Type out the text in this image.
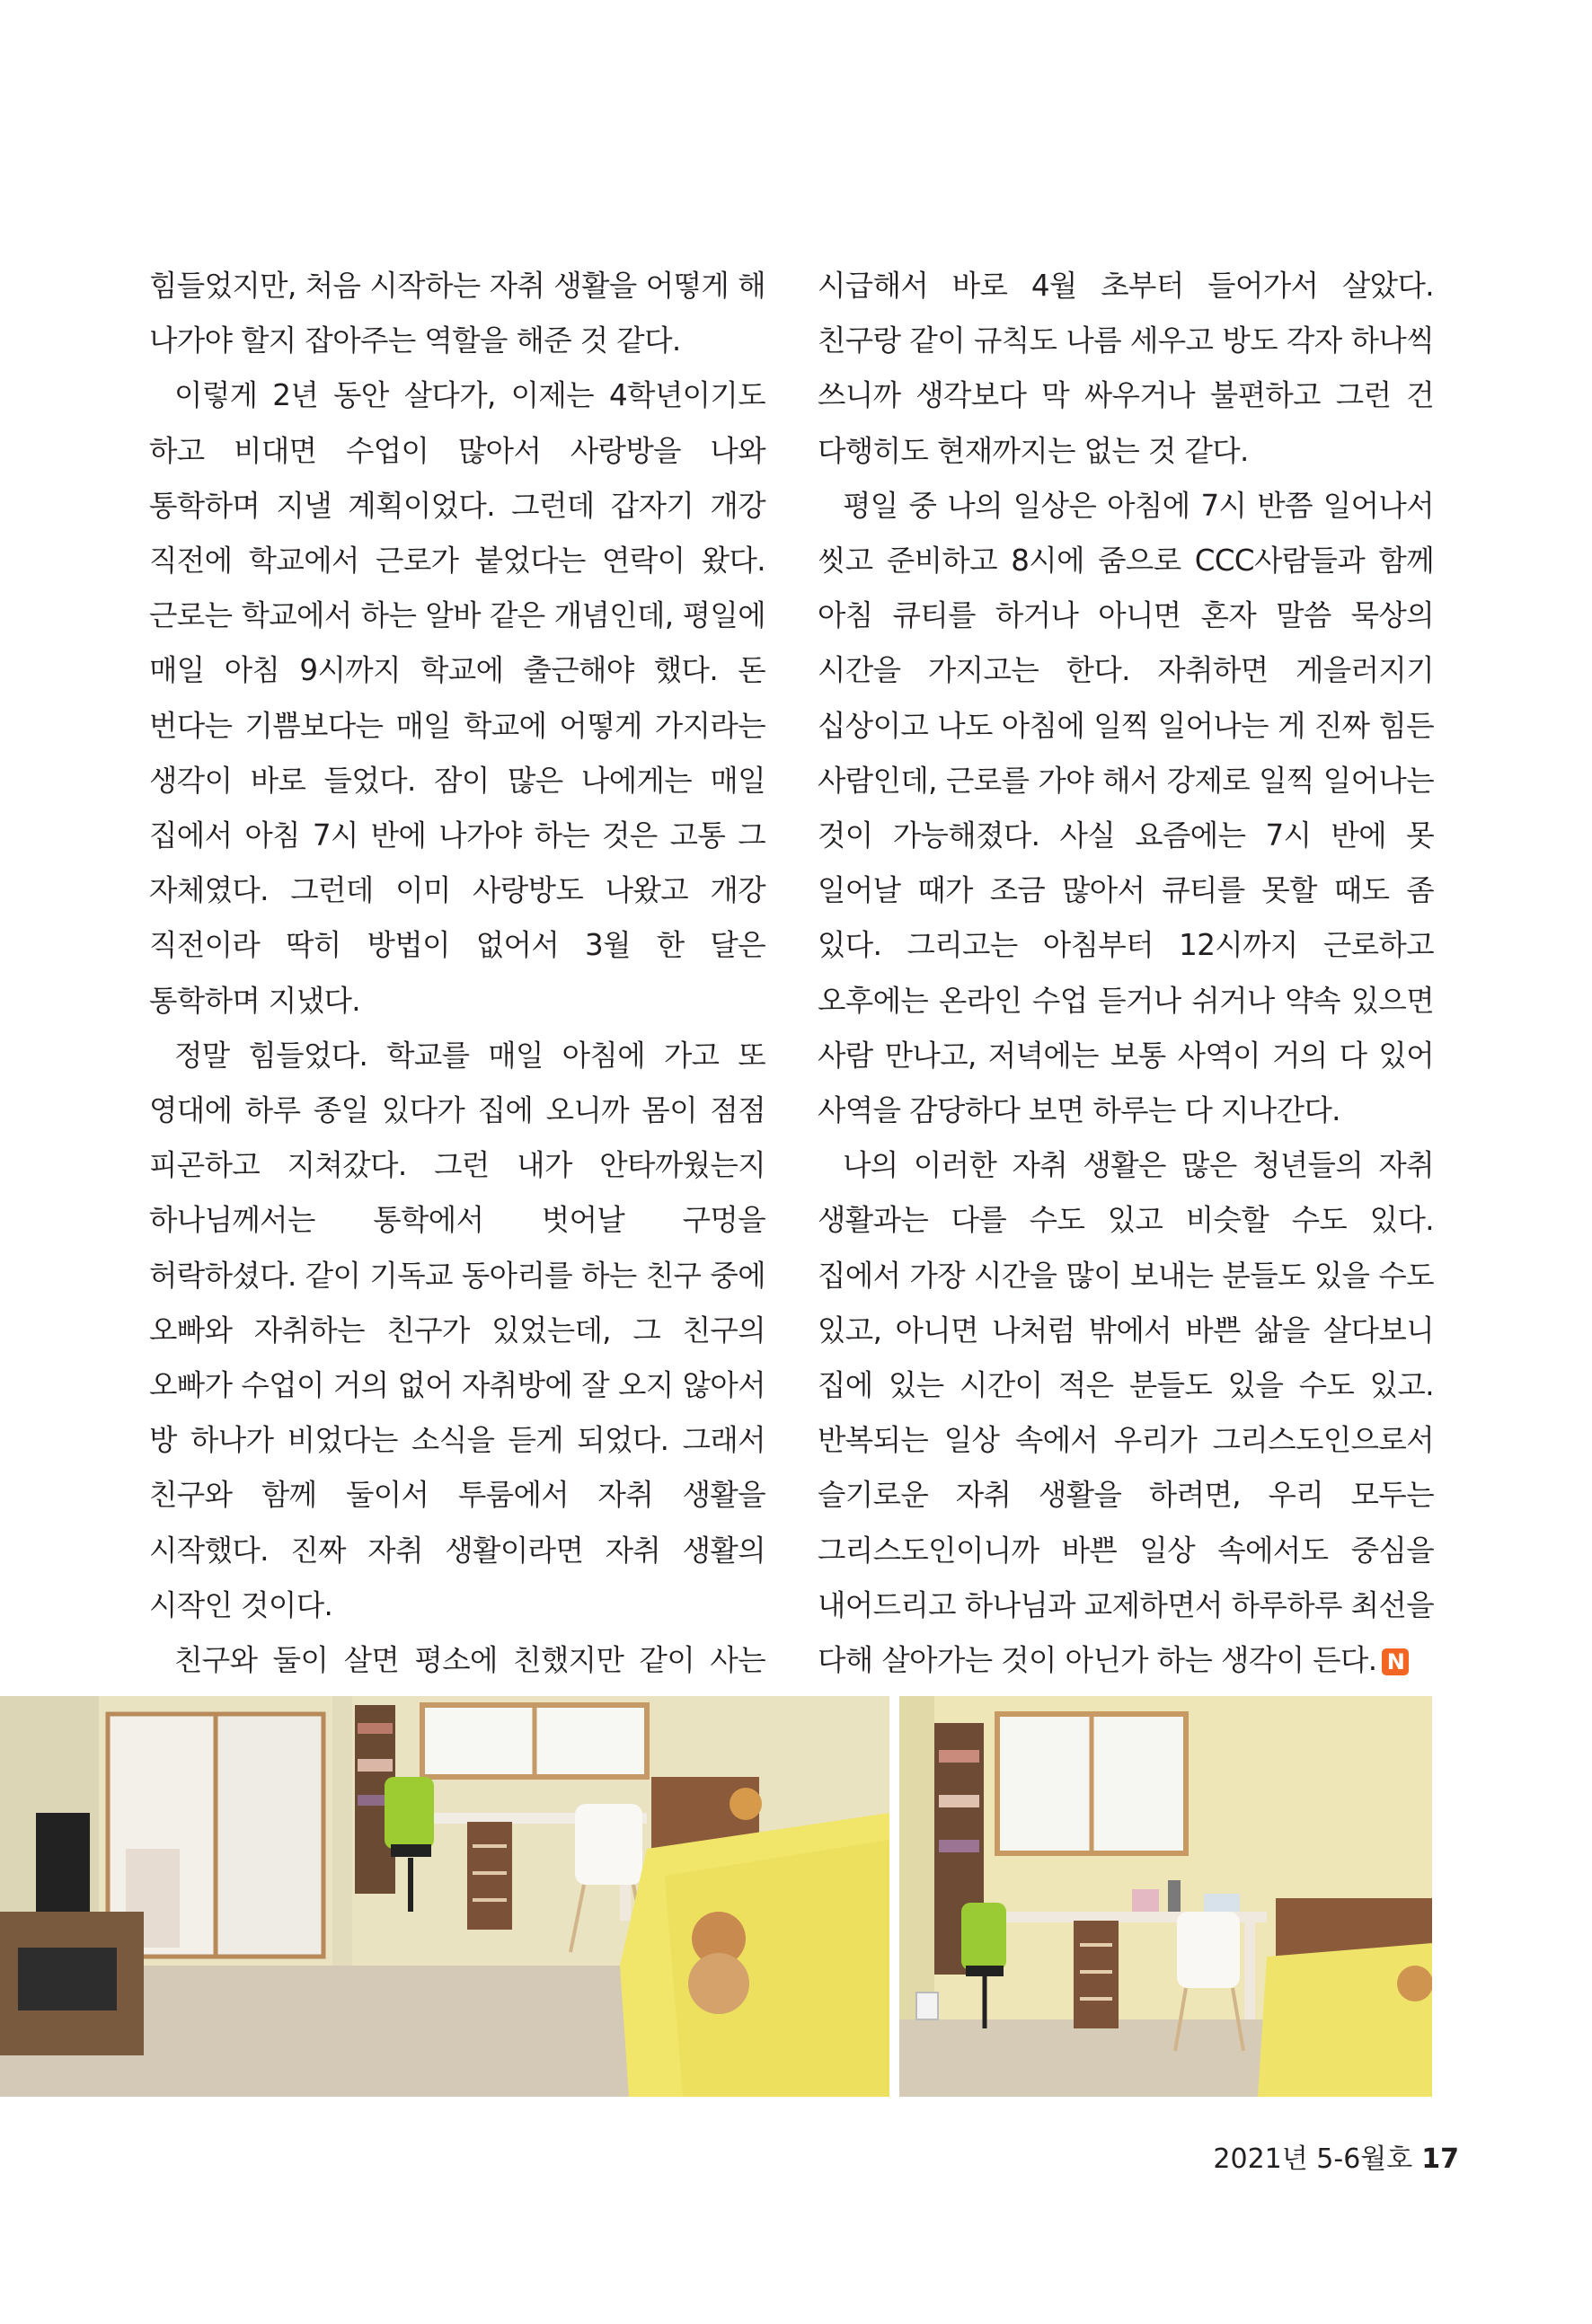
힘들었지만, 처음 시작하는 자취 생활을 어떻게 해 나가야 할지 잡아주는 역할을 해준 것 같다.

이렇게 2년 동안 살다가, 이제는 4학년이기도 하고 비대면 수업이 많아서 사랑방을 나와 통학하며 지낼 계획이었다. 그런데 갑자기 개강 직전에 학교에서 근로가 붙었다는 연락이 왔다. 근로는 학교에서 하는 알바 같은 개념인데, 평일에 매일 아침 9시까지 학교에 출근해야 했다. 돈 번다는 기쁨보다는 매일 학교에 어떻게 가지라는 생각이 바로 들었다. 잠이 많은 나에게는 매일 집에서 아침 7시 반에 나가야 하는 것은 고통 그 자체였다. 그런데 이미 사랑방도 나왔고 개강 직전이라 딱히 방법이 없어서 3월 한 달은 통학하며 지냈다.

정말 힘들었다. 학교를 매일 아침에 가고 또 영대에 하루 종일 있다가 집에 오니까 몸이 점점 피곤하고 지쳐갔다. 그런 내가 안타까웠는지 하나님께서는 통학에서 벗어날 구멍을 허락하셨다. 같이 기독교 동아리를 하는 친구 중에 오빠와 자취하는 친구가 있었는데, 그 친구의 오빠가 수업이 거의 없어 자취방에 잘 오지 않아서 방 하나가 비었다는 소식을 듣게 되었다. 그래서 친구와 함께 둘이서 투룸에서 자취 생활을 시작했다. 진짜 자취 생활이라면 자취 생활의 시작인 것이다.

친구와 둘이 살면 평소에 친했지만 같이 사는

시급해서 바로 4월 초부터 들어가서 살았다. 친구랑 같이 규칙도 나름 세우고 방도 각자 하나씩 쓰니까 생각보다 막 싸우거나 불편하고 그런 건 다행히도 현재까지는 없는 것 같다.

평일 중 나의 일상은 아침에 7시 반쯤 일어나서 씻고 준비하고 8시에 줌으로 CCC사람들과 함께 아침 큐티를 하거나 아니면 혼자 말씀 묵상의 시간을 가지고는 한다. 자취하면 게을러지기 십상이고 나도 아침에 일찍 일어나는 게 진짜 힘든 사람인데, 근로를 가야 해서 강제로 일찍 일어나는 것이 가능해졌다. 사실 요즘에는 7시 반에 못 일어날 때가 조금 많아서 큐티를 못할 때도 좀 있다. 그리고는 아침부터 12시까지 근로하고 오후에는 온라인 수업 듣거나 쉬거나 약속 있으면 사람 만나고, 저녁에는 보통 사역이 거의 다 있어 사역을 감당하다 보면 하루는 다 지나간다.

나의 이러한 자취 생활은 많은 청년들의 자취 생활과는 다를 수도 있고 비슷할 수도 있다. 집에서 가장 시간을 많이 보내는 분들도 있을 수도 있고, 아니면 나처럼 밖에서 바쁜 삶을 살다보니 집에 있는 시간이 적은 분들도 있을 수도 있고. 반복되는 일상 속에서 우리가 그리스도인으로서 슬기로운 자취 생활을 하려면, 우리 모두는 그리스도인이니까 바쁜 일상 속에서도 중심을 내어드리고 하나님과 교제하면서 하루하루 최선을 다해 살아가는 것이 아닌가 하는 생각이 든다. N

2021년 5-6월호 17
